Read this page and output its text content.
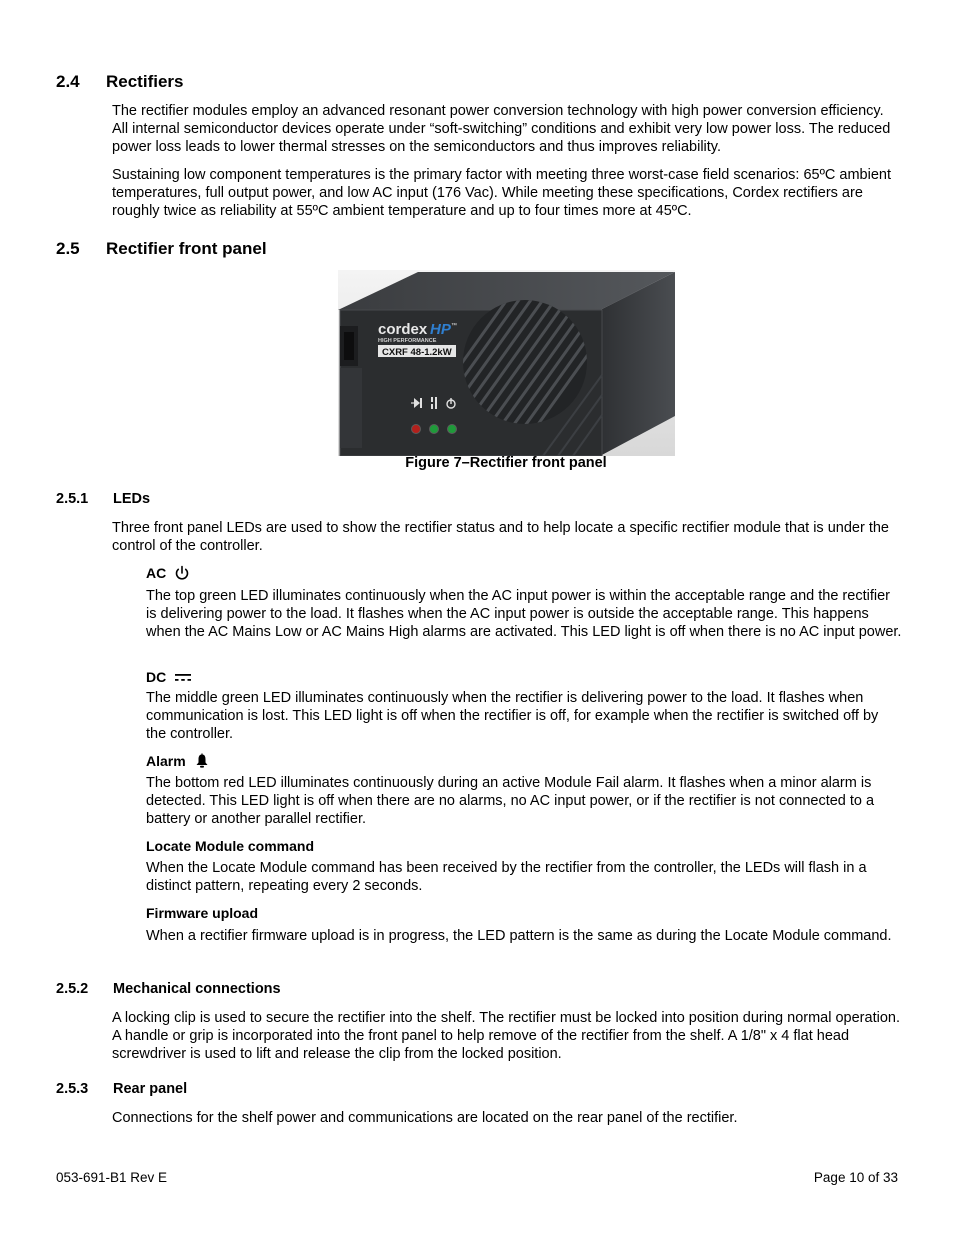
2.4 Rectifiers
The rectifier modules employ an advanced resonant power conversion technology with high power conversion efficiency. All internal semiconductor devices operate under “soft-switching” conditions and exhibit very low power loss. The reduced power loss leads to lower thermal stresses on the semiconductors and thus improves reliability.
Sustaining low component temperatures is the primary factor with meeting three worst-case field scenarios: 65ºC ambient temperatures, full output power, and low AC input (176 Vac). While meeting these specifications, Cordex rectifiers are roughly twice as reliability at 55ºC ambient temperature and up to four times more at 45ºC.
2.5 Rectifier front panel
cordex HP ™
HIGH PERFORMANCE
CXRF 48-1.2kW
Figure 7–Rectifier front panel
2.5.1 LEDs
Three front panel LEDs are used to show the rectifier status and to help locate a specific rectifier module that is under the control of the controller.
AC
The top green LED illuminates continuously when the AC input power is within the acceptable range and the rectifier is delivering power to the load. It flashes when the AC input power is outside the acceptable range. This happens when the AC Mains Low or AC Mains High alarms are activated. This LED light is off when there is no AC input power.
DC
The middle green LED illuminates continuously when the rectifier is delivering power to the load. It flashes when communication is lost. This LED light is off when the rectifier is off, for example when the rectifier is switched off by the controller.
Alarm
The bottom red LED illuminates continuously during an active Module Fail alarm. It flashes when a minor alarm is detected. This LED light is off when there are no alarms, no AC input power, or if the rectifier is not connected to a battery or another parallel rectifier.
Locate Module command
When the Locate Module command has been received by the rectifier from the controller, the LEDs will flash in a distinct pattern, repeating every 2 seconds.
Firmware upload
When a rectifier firmware upload is in progress, the LED pattern is the same as during the Locate Module command.
2.5.2 Mechanical connections
A locking clip is used to secure the rectifier into the shelf. The rectifier must be locked into position during normal operation. A handle or grip is incorporated into the front panel to help remove of the rectifier from the shelf. A 1/8" x 4 flat head screwdriver is used to lift and release the clip from the locked position.
2.5.3 Rear panel
Connections for the shelf power and communications are located on the rear panel of the rectifier.
053-691-B1 Rev E	Page 10 of 33
